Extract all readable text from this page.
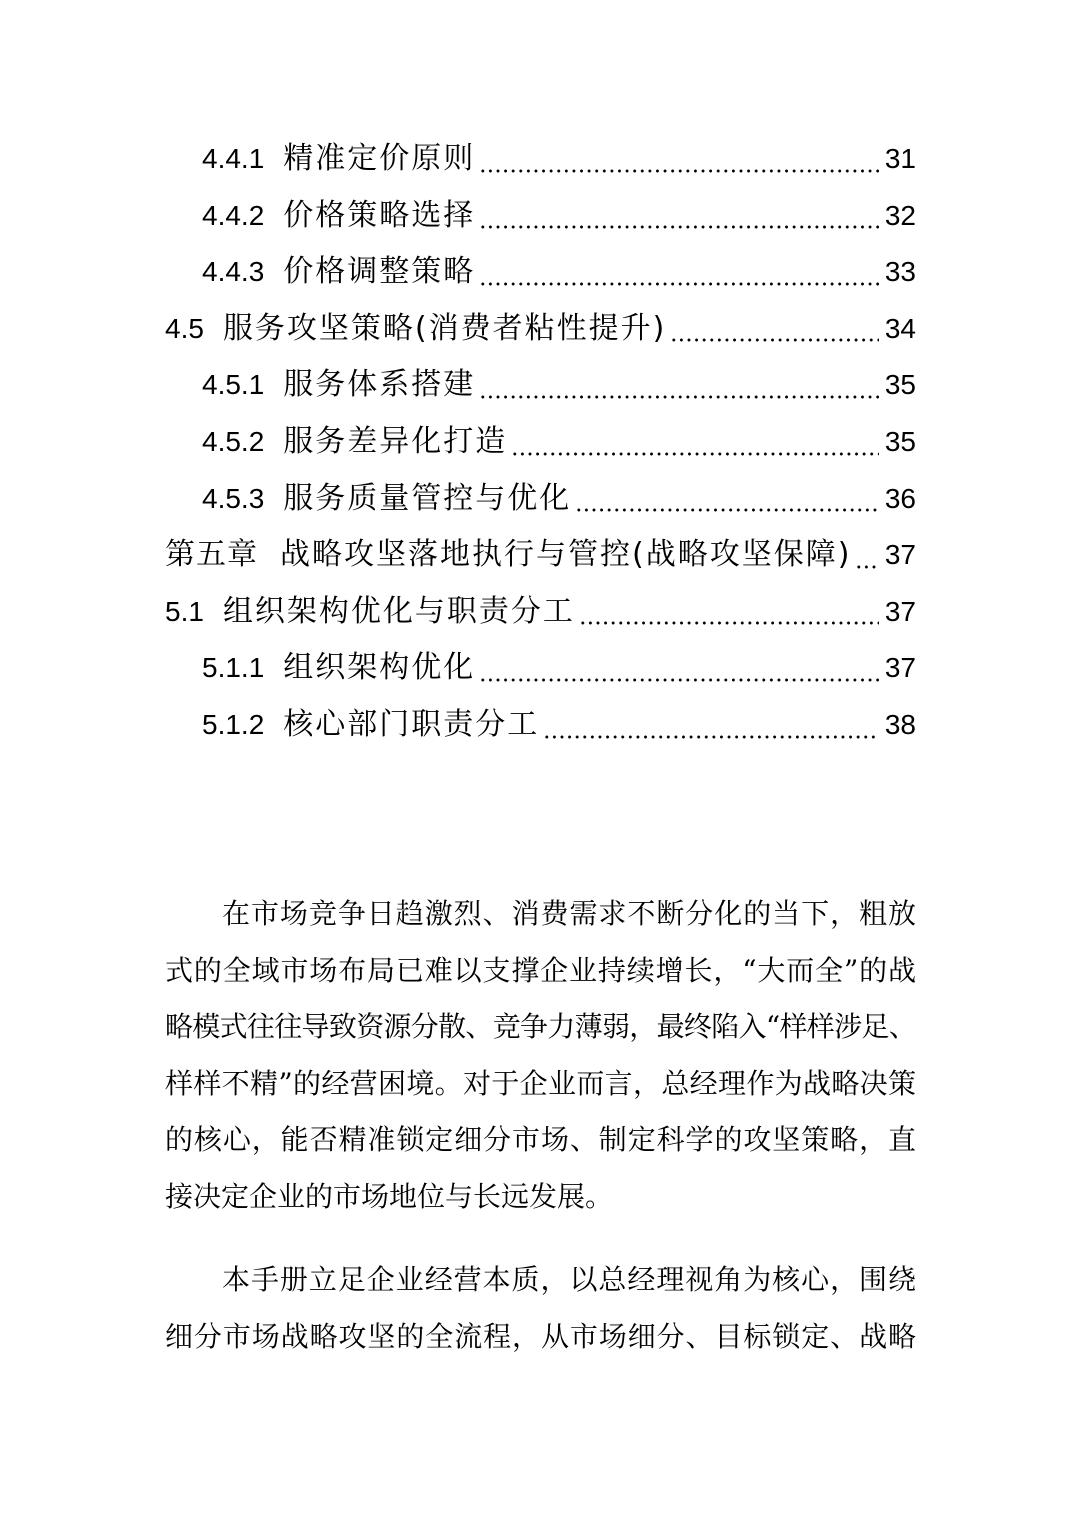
4.4.1 精准定价原则	31
4.4.2 价格策略选择	32
4.4.3 价格调整策略	33
4.5 服务攻坚策略(消费者粘性提升)	34
4.5.1 服务体系搭建	35
4.5.2 服务差异化打造	35
4.5.3 服务质量管控与优化	36
第五章 战略攻坚落地执行与管控(战略攻坚保障) 37
5.1 组织架构优化与职责分工	37
5.1.1 组织架构优化	37
5.1.2 核心部门职责分工	38
在市场竞争日趋激烈、消费需求不断分化的当下，粗放
式的全域市场布局已难以支撑企业持续增长，“大而全”的战
略模式往往导致资源分散、竞争力薄弱，最终陷入“样样涉足、
样样不精”的经营困境。对于企业而言，总经理作为战略决策
的核心，能否精准锁定细分市场、制定科学的攻坚策略，直
接决定企业的市场地位与长远发展。
本手册立足企业经营本质，以总经理视角为核心，围绕
细分市场战略攻坚的全流程，从市场细分、目标锁定、战略
